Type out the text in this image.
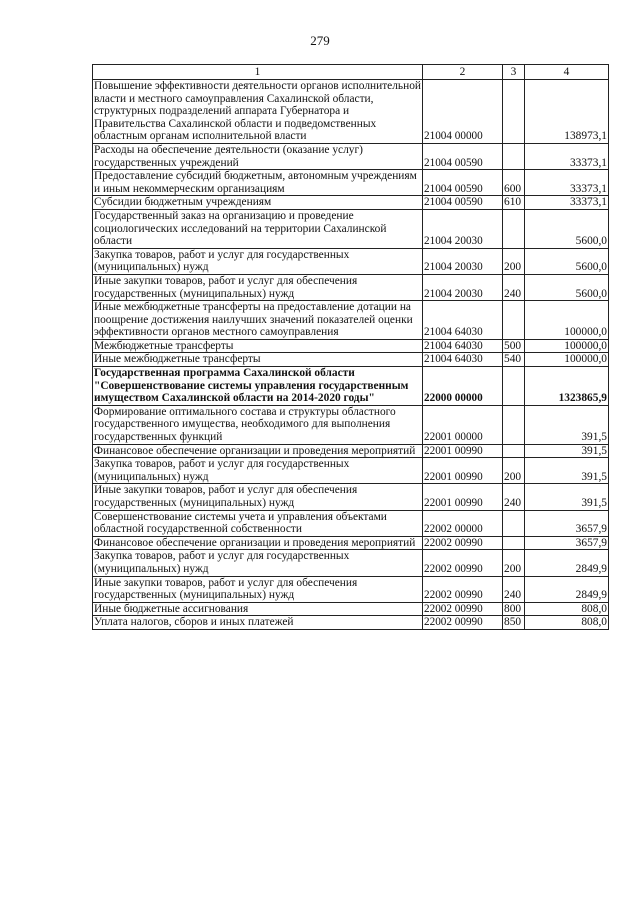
279
1	2	3	4
Повышение эффективности деятельности органов исполнительной власти и местного самоуправления Сахалинской области, структурных подразделений аппарата Губернатора и Правительства Сахалинской области и подведомственных областным органам исполнительной власти	21004 00000		138973,1
Расходы на обеспечение деятельности (оказание услуг) государственных учреждений	21004 00590		33373,1
Предоставление субсидий бюджетным, автономным учреждениям и иным некоммерческим организациям	21004 00590	600	33373,1
Субсидии бюджетным учреждениям	21004 00590	610	33373,1
Государственный заказ на организацию и проведение социологических исследований на территории Сахалинской области	21004 20030		5600,0
Закупка товаров, работ и услуг для государственных (муниципальных) нужд	21004 20030	200	5600,0
Иные закупки товаров, работ и услуг для обеспечения государственных (муниципальных) нужд	21004 20030	240	5600,0
Иные межбюджетные трансферты на предоставление дотации на поощрение достижения наилучших значений показателей оценки эффективности органов местного самоуправления	21004 64030		100000,0
Межбюджетные трансферты	21004 64030	500	100000,0
Иные межбюджетные трансферты	21004 64030	540	100000,0
Государственная программа Сахалинской области "Совершенствование системы управления государственным имуществом Сахалинской области на 2014-2020 годы"	22000 00000		1323865,9
Формирование оптимального состава и структуры областного государственного имущества, необходимого для выполнения государственных функций	22001 00000		391,5
Финансовое обеспечение организации и проведения мероприятий	22001 00990		391,5
Закупка товаров, работ и услуг для государственных (муниципальных) нужд	22001 00990	200	391,5
Иные закупки товаров, работ и услуг для обеспечения государственных (муниципальных) нужд	22001 00990	240	391,5
Совершенствование системы учета и управления объектами областной государственной собственности	22002 00000		3657,9
Финансовое обеспечение организации и проведения мероприятий	22002 00990		3657,9
Закупка товаров, работ и услуг для государственных (муниципальных) нужд	22002 00990	200	2849,9
Иные закупки товаров, работ и услуг для обеспечения государственных (муниципальных) нужд	22002 00990	240	2849,9
Иные бюджетные ассигнования	22002 00990	800	808,0
Уплата налогов, сборов и иных платежей	22002 00990	850	808,0
